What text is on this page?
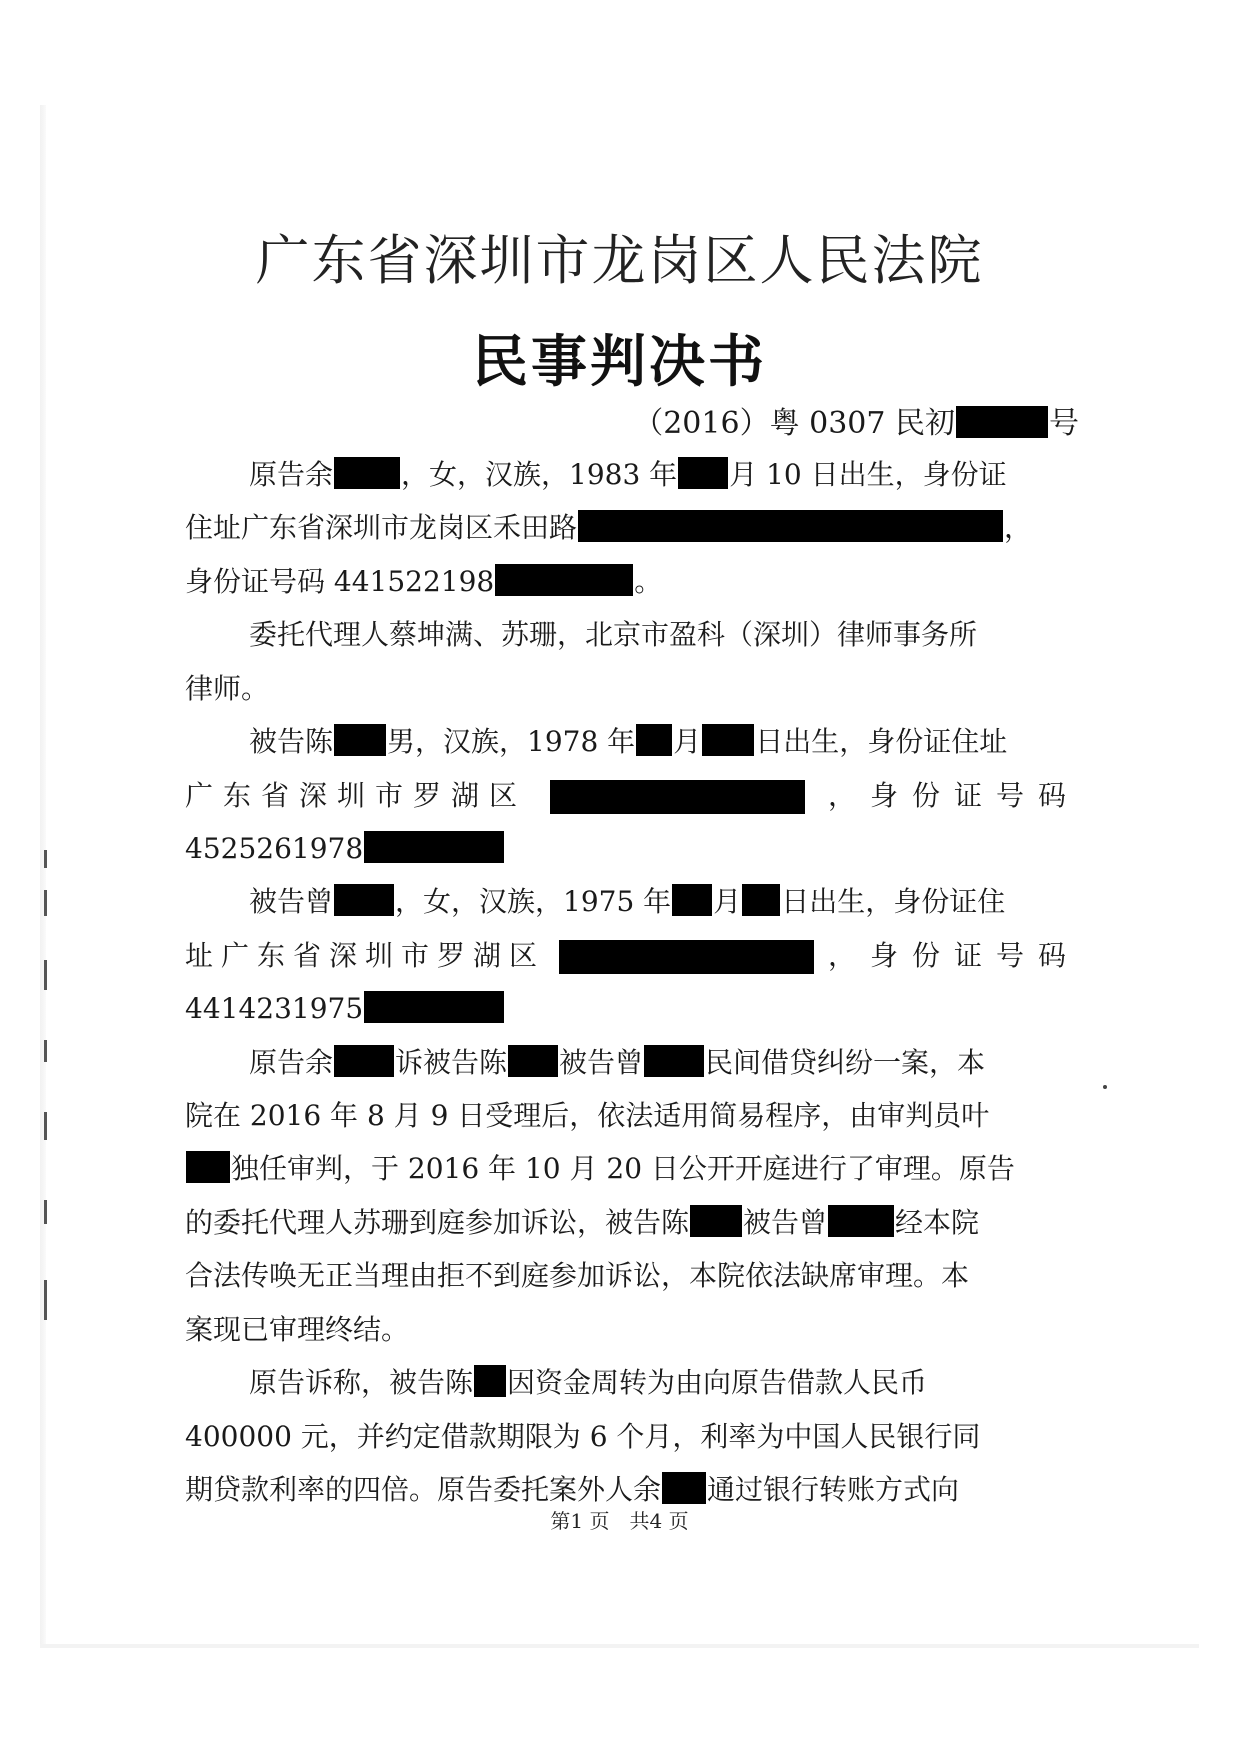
广东省深圳市龙岗区人民法院
民事判决书
（2016）粤 0307 民初	号
原告余 ，女，汉族，1983 年 月 10 日出生，身份证
住址广东省深圳市龙岗区禾田路	，
身份证号码 441522198	。
委托代理人蔡坤满、苏珊，北京市盈科（深圳）律师事务所
律师。
被告陈 男，汉族，1978 年 月 日出生，身份证住址
广东省深圳市罗湖区	，身份证号码
4525261978
被告曾 ，女，汉族，1975 年 月 日出生，身份证住
址广东省深圳市罗湖区	，身份证号码
44142319​75
原告余 诉被告陈 被告曾 民间借贷纠纷一案，本
院在 2016 年 8 月 9 日受理后，依法适用简易程序，由审判员叶
独任审判，于 2016 年 10 月 20 日公开开庭进行了审理。原告
的委托代理人苏珊到庭参加诉讼，被告陈 被告曾 经本院
合法传唤无正当理由拒不到庭参加诉讼，本院依法缺席审理。本
案现已审理终结。
原告诉称，被告陈 因资金周转为由向原告借款人民币
400000 元，并约定借款期限为 6 个月，利率为中国人民银行同
第1 页　共4 页
期贷款利率的四倍。原告委托案外人余 通过银行转账方式向
